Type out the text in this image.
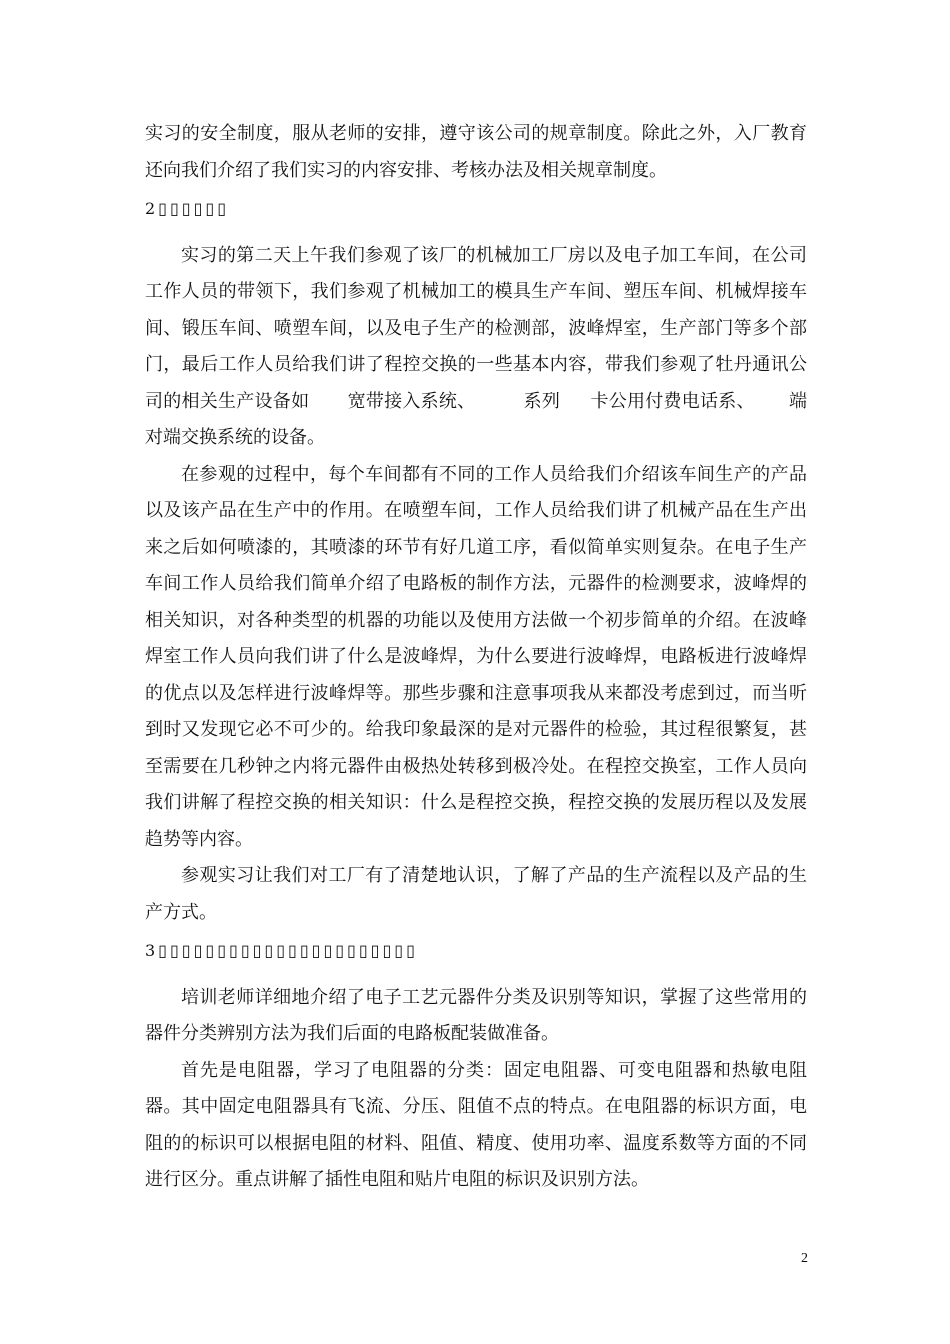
实习的安全制度，服从老师的安排，遵守该公司的规章制度。除此之外，入厂教育还向我们介绍了我们实习的内容安排、考核办法及相关规章制度。

2▯▯▯▯▯▯

实习的第二天上午我们参观了该厂的机械加工厂房以及电子加工车间，在公司工作人员的带领下，我们参观了机械加工的模具生产车间、塑压车间、机械焊接车间、锻压车间、喷塑车间，以及电子生产的检测部，波峰焊室，生产部门等多个部门，最后工作人员给我们讲了程控交换的一些基本内容，带我们参观了牡丹通讯公司的相关生产设备如 宽带接入系统、	系列 卡公用付费电话系、 端对端交换系统的设备。

在参观的过程中，每个车间都有不同的工作人员给我们介绍该车间生产的产品以及该产品在生产中的作用。在喷塑车间，工作人员给我们讲了机械产品在生产出来之后如何喷漆的，其喷漆的环节有好几道工序，看似简单实则复杂。在电子生产车间工作人员给我们简单介绍了电路板的制作方法，元器件的检测要求，波峰焊的相关知识，对各种类型的机器的功能以及使用方法做一个初步简单的介绍。在波峰焊室工作人员向我们讲了什么是波峰焊，为什么要进行波峰焊，电路板进行波峰焊的优点以及怎样进行波峰焊等。那些步骤和注意事项我从来都没考虑到过，而当听到时又发现它必不可少的。给我印象最深的是对元器件的检验，其过程很繁复，甚至需要在几秒钟之内将元器件由极热处转移到极冷处。在程控交换室，工作人员向我们讲解了程控交换的相关知识：什么是程控交换，程控交换的发展历程以及发展趋势等内容。

参观实习让我们对工厂有了清楚地认识，了解了产品的生产流程以及产品的生产方式。

3▯▯▯▯▯▯▯▯▯▯▯▯▯▯▯▯▯▯▯▯▯▯

培训老师详细地介绍了电子工艺元器件分类及识别等知识，掌握了这些常用的器件分类辨别方法为我们后面的电路板配装做准备。

首先是电阻器，学习了电阻器的分类：固定电阻器、可变电阻器和热敏电阻器。其中固定电阻器具有飞流、分压、阻值不点的特点。在电阻器的标识方面，电阻的的标识可以根据电阻的材料、阻值、精度、使用功率、温度系数等方面的不同进行区分。重点讲解了插性电阻和贴片电阻的标识及识别方法。

2
